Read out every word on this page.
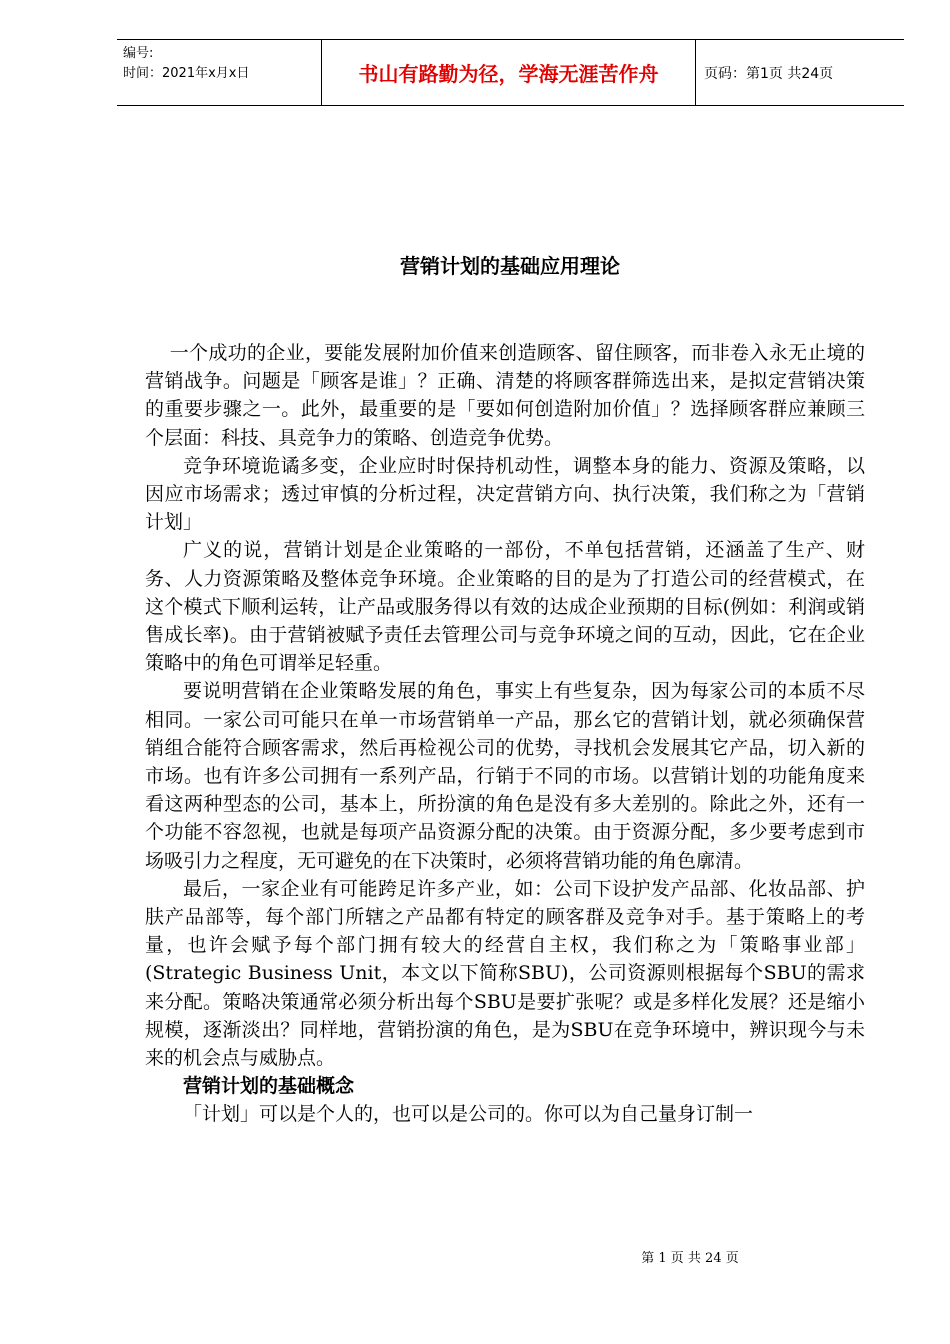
编号:
时间：2021年x月x日	书山有路勤为径，学海无涯苦作舟	页码：第1页 共24页
营销计划的基础应用理论

一个成功的企业，要能发展附加价值来创造顾客、留住顾客，而非卷入永无止境的营销战争。问题是「顾客是谁」？正确、清楚的将顾客群筛选出来，是拟定营销决策的重要步骤之一。此外，最重要的是「要如何创造附加价值」？选择顾客群应兼顾三个层面：科技、具竞争力的策略、创造竞争优势。

竞争环境诡谲多变，企业应时时保持机动性，调整本身的能力、资源及策略，以因应市场需求；透过审慎的分析过程，决定营销方向、执行决策，我们称之为「营销计划」

广义的说，营销计划是企业策略的一部份，不单包括营销，还涵盖了生产、财务、人力资源策略及整体竞争环境。企业策略的目的是为了打造公司的经营模式，在这个模式下顺利运转，让产品或服务得以有效的达成企业预期的目标(例如：利润或销售成长率)。由于营销被赋予责任去管理公司与竞争环境之间的互动，因此，它在企业策略中的角色可谓举足轻重。

要说明营销在企业策略发展的角色，事实上有些复杂，因为每家公司的本质不尽相同。一家公司可能只在单一市场营销单一产品，那幺它的营销计划，就必须确保营销组合能符合顾客需求，然后再检视公司的优势，寻找机会发展其它产品，切入新的市场。也有许多公司拥有一系列产品，行销于不同的市场。以营销计划的功能角度来看这两种型态的公司，基本上，所扮演的角色是没有多大差别的。除此之外，还有一个功能不容忽视，也就是每项产品资源分配的决策。由于资源分配，多少要考虑到市场吸引力之程度，无可避免的在下决策时，必须将营销功能的角色廓清。

最后，一家企业有可能跨足许多产业，如：公司下设护发产品部、化妆品部、护肤产品部等，每个部门所辖之产品都有特定的顾客群及竞争对手。基于策略上的考量，也许会赋予每个部门拥有较大的经营自主权，我们称之为「策略事业部」(Strategic Business Unit，本文以下简称SBU)，公司资源则根据每个SBU的需求来分配。策略决策通常必须分析出每个SBU是要扩张呢？或是多样化发展？还是缩小规模，逐渐淡出？同样地，营销扮演的角色，是为SBU在竞争环境中，辨识现今与未来的机会点与威胁点。

营销计划的基础概念

「计划」可以是个人的，也可以是公司的。你可以为自己量身订制一

第 1 页 共 24 页
